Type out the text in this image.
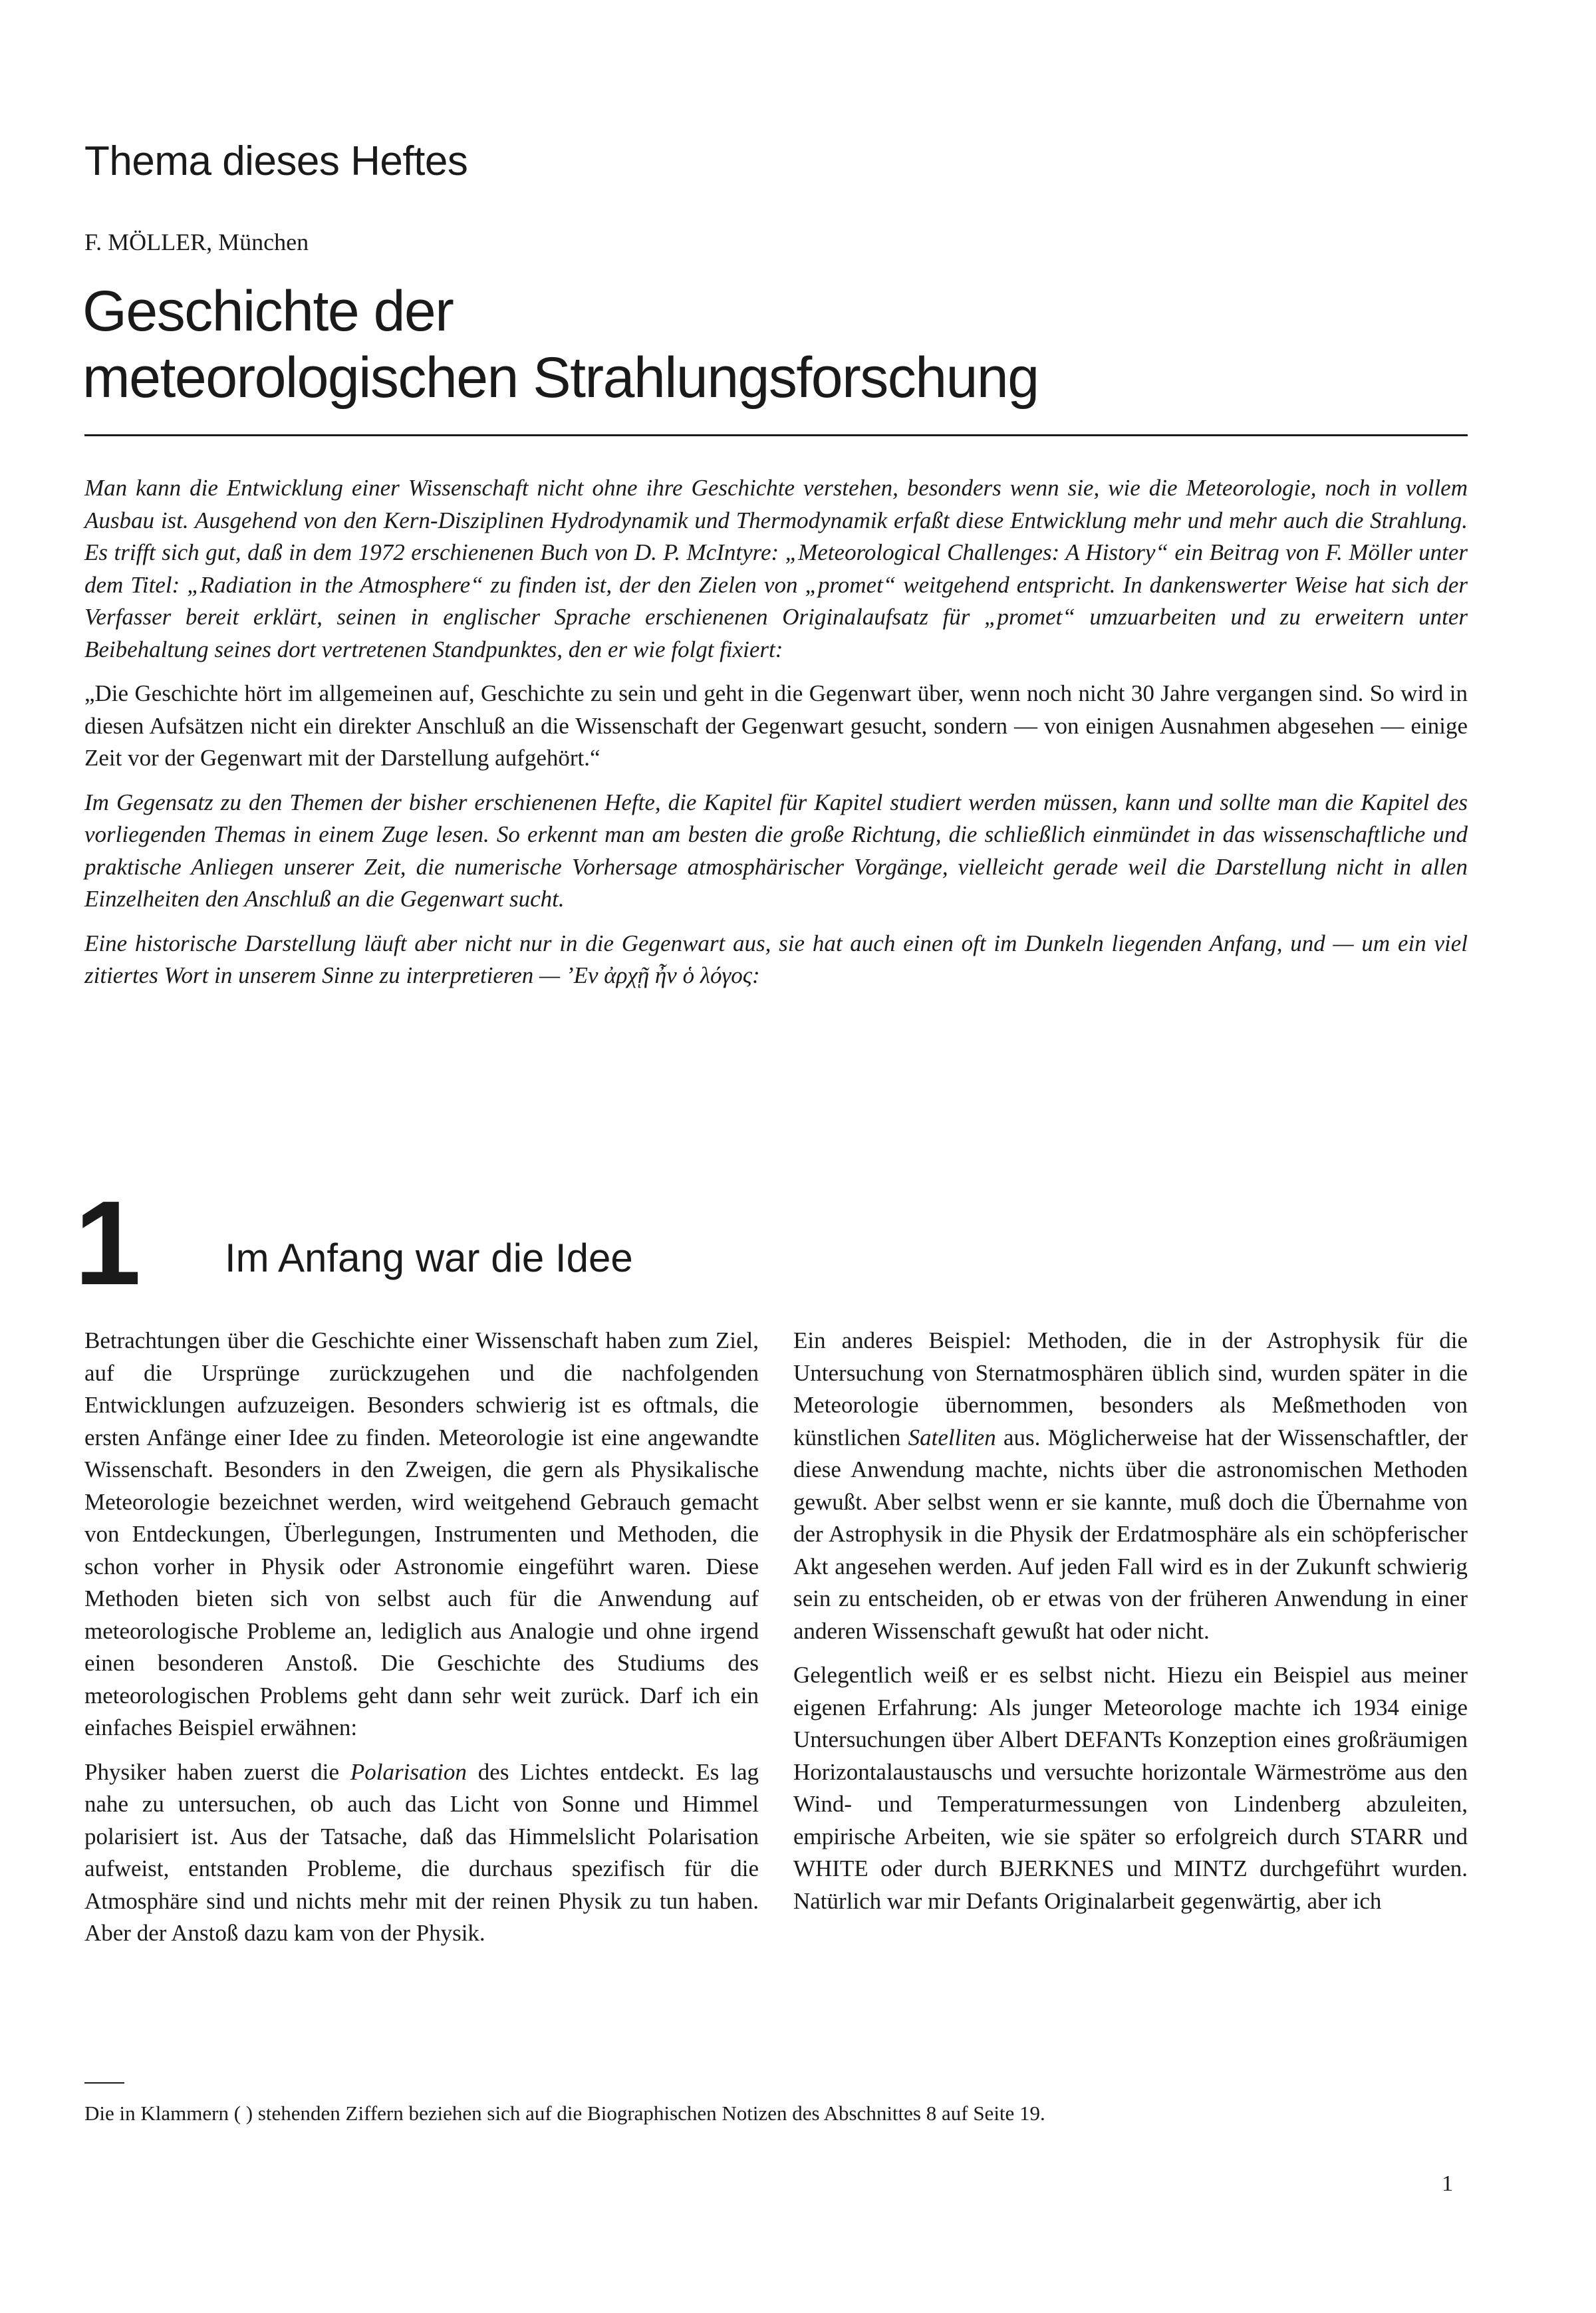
Thema dieses Heftes
F. MÖLLER, München
Geschichte der
meteorologischen Strahlungsforschung

Man kann die Entwicklung einer Wissenschaft nicht ohne ihre Geschichte verstehen, besonders wenn sie, wie die Meteorologie, noch in vollem Ausbau ist. Ausgehend von den Kern-Disziplinen Hydrodynamik und Thermodynamik erfaßt diese Entwicklung mehr und mehr auch die Strahlung. Es trifft sich gut, daß in dem 1972 erschienenen Buch von D. P. McIntyre: „Meteorological Challenges: A History“ ein Beitrag von F. Möller unter dem Titel: „Radiation in the Atmosphere“ zu finden ist, der den Zielen von „promet“ weitgehend entspricht. In dankenswerter Weise hat sich der Verfasser bereit erklärt, seinen in englischer Sprache erschienenen Originalaufsatz für „promet“ umzuarbeiten und zu erweitern unter Beibehaltung seines dort vertretenen Standpunktes, den er wie folgt fixiert:

„Die Geschichte hört im allgemeinen auf, Geschichte zu sein und geht in die Gegenwart über, wenn noch nicht 30 Jahre vergangen sind. So wird in diesen Aufsätzen nicht ein direkter Anschluß an die Wissenschaft der Gegenwart gesucht, sondern — von einigen Ausnahmen abgesehen — einige Zeit vor der Gegenwart mit der Darstellung aufgehört.“

Im Gegensatz zu den Themen der bisher erschienenen Hefte, die Kapitel für Kapitel studiert werden müssen, kann und sollte man die Kapitel des vorliegenden Themas in einem Zuge lesen. So erkennt man am besten die große Richtung, die schließlich einmündet in das wissenschaftliche und praktische Anliegen unserer Zeit, die numerische Vorhersage atmosphärischer Vorgänge, vielleicht gerade weil die Darstellung nicht in allen Einzelheiten den Anschluß an die Gegenwart sucht.

Eine historische Darstellung läuft aber nicht nur in die Gegenwart aus, sie hat auch einen oft im Dunkeln liegenden Anfang, und — um ein viel zitiertes Wort in unserem Sinne zu interpretieren — ’Εν ἀρχῇ ἦν ὁ λόγος:

1 Im Anfang war die Idee

Betrachtungen über die Geschichte einer Wissenschaft haben zum Ziel, auf die Ursprünge zurückzugehen und die nachfolgenden Entwicklungen aufzuzeigen. Besonders schwierig ist es oftmals, die ersten Anfänge einer Idee zu finden. Meteorologie ist eine angewandte Wissenschaft. Besonders in den Zweigen, die gern als Physikalische Meteorologie bezeichnet werden, wird weitgehend Gebrauch gemacht von Entdeckungen, Überlegungen, Instrumenten und Methoden, die schon vorher in Physik oder Astronomie eingeführt waren. Diese Methoden bieten sich von selbst auch für die Anwendung auf meteorologische Probleme an, lediglich aus Analogie und ohne irgend einen besonderen Anstoß. Die Geschichte des Studiums des meteorologischen Problems geht dann sehr weit zurück. Darf ich ein einfaches Beispiel erwähnen:

Physiker haben zuerst die Polarisation des Lichtes entdeckt. Es lag nahe zu untersuchen, ob auch das Licht von Sonne und Himmel polarisiert ist. Aus der Tatsache, daß das Himmelslicht Polarisation aufweist, entstanden Probleme, die durchaus spezifisch für die Atmosphäre sind und nichts mehr mit der reinen Physik zu tun haben. Aber der Anstoß dazu kam von der Physik.

Ein anderes Beispiel: Methoden, die in der Astrophysik für die Untersuchung von Sternatmosphären üblich sind, wurden später in die Meteorologie übernommen, besonders als Meßmethoden von künstlichen Satelliten aus. Möglicherweise hat der Wissenschaftler, der diese Anwendung machte, nichts über die astronomischen Methoden gewußt. Aber selbst wenn er sie kannte, muß doch die Übernahme von der Astrophysik in die Physik der Erdatmosphäre als ein schöpferischer Akt angesehen werden. Auf jeden Fall wird es in der Zukunft schwierig sein zu entscheiden, ob er etwas von der früheren Anwendung in einer anderen Wissenschaft gewußt hat oder nicht.

Gelegentlich weiß er es selbst nicht. Hiezu ein Beispiel aus meiner eigenen Erfahrung: Als junger Meteorologe machte ich 1934 einige Untersuchungen über Albert DEFANTs Konzeption eines großräumigen Horizontalaustauschs und versuchte horizontale Wärmeströme aus den Wind- und Temperaturmessungen von Lindenberg abzuleiten, empirische Arbeiten, wie sie später so erfolgreich durch STARR und WHITE oder durch BJERKNES und MINTZ durchgeführt wurden. Natürlich war mir Defants Originalarbeit gegenwärtig, aber ich

Die in Klammern ( ) stehenden Ziffern beziehen sich auf die Biographischen Notizen des Abschnittes 8 auf Seite 19.
1
